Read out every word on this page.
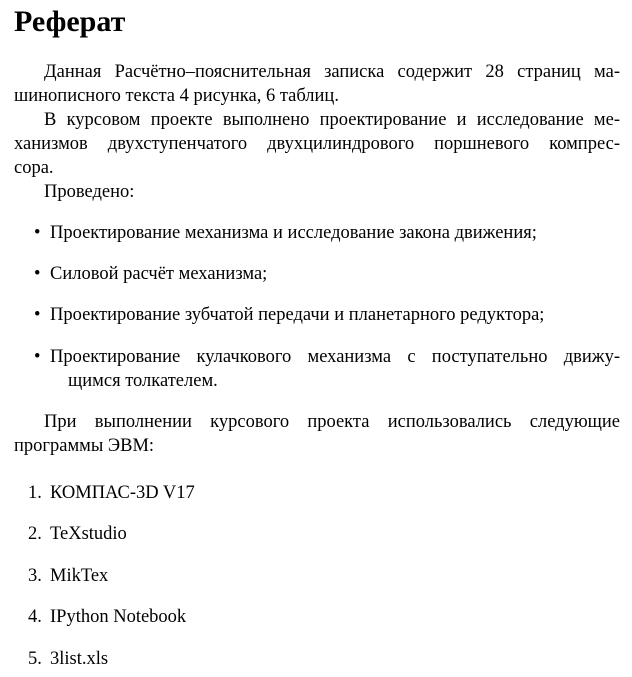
Реферат
Данная Расчётно–пояснительная записка содержит 28 страниц ма-
шинописного текста 4 рисунка, 6 таблиц.
В курсовом проекте выполнено проектирование и исследование ме-
ханизмов двухступенчатого двухцилиндрового поршневого компрес-
сора.
Проведено:
• Проектирование механизма и исследование закона движения;
• Силовой расчёт механизма;
• Проектирование зубчатой передачи и планетарного редуктора;
• Проектирование кулачкового механизма с поступательно движу-
щимся толкателем.
При выполнении курсового проекта использовались следующие
программы ЭВМ:
1. КОМПАС-3D V17
2. TeXstudio
3. MikTex
4. IPython Notebook
5. 3list.xls
